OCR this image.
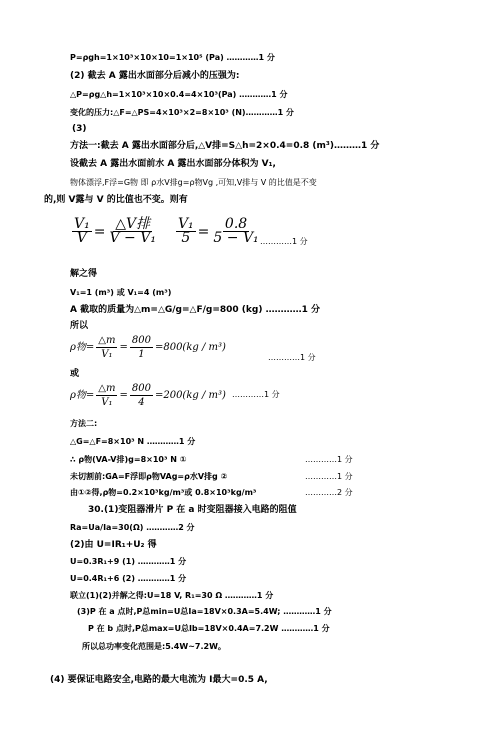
P=ρgh=1×10³×10×10=1×10⁵ (Pa) …………1 分
(2) 截去 A 露出水面部分后减小的压强为:
△P=ρg△h=1×10³×10×0.4=4×10³(Pa) …………1 分
变化的压力:△F=△PS=4×10³×2=8×10³ (N)…………1 分
(3)
方法一:截去 A 露出水面部分后,△V排=S△h=2×0.4=0.8 (m³)………1 分
设截去 A 露出水面前水 A 露出水面部分体积为 V₁,
物体漂浮,F浮=G物 即 ρ水V排g=ρ物Vg ,可知,V排与 V 的比值是不变
的,则 V露与 V 的比值也不变。则有
$\frac{\text{V₁}}{V} = \frac{\text{△V排}}{\text{V − V₁}} \frac{\text{V₁}}{5} = \frac{0.8}{\text{5 − V₁}}$ …………1 分
解之得
V₁=1 (m³) 或 V₁=4 (m³)
A 截取的质量为△m=△G/g=△F/g=800 (kg) …………1 分
所以
ρ物 = $\frac{\triangle m}{\text{V₁}} = \frac{800}{1} = 800(kg / m^3)$
…………1 分
或
ρ物 = $\frac{\triangle m}{\text{V₁}} = \frac{800}{4} = 200(kg / m^3)$ …………1 分
方法二:
△G=△F=8×10³ N …………1 分
∴ ρ物(VA-V排)g=8×10³ N ①	…………1 分
未切割前:GA=F浮即ρ物VAg=ρ水V排g ②	…………1 分
由①②得,ρ物=0.2×10³kg/m³或 0.8×10³kg/m³	…………2 分
30.(1)变阻器滑片 P 在 a 时变阻器接入电路的阻值
Ra=Ua/Ia=30(Ω) …………2 分
(2)由 U=IR₁+U₂ 得
U=0.3R₁+9 (1) …………1 分
U=0.4R₁+6 (2) …………1 分
联立(1)(2)并解之得:U=18 V, R₁=30 Ω …………1 分
(3)P 在 a 点时,P总min=U总Ia=18V×0.3A=5.4W; …………1 分
P 在 b 点时,P总max=U总Ib=18V×0.4A=7.2W …………1 分
所以总功率变化范围是:5.4W~7.2W。
(4) 要保证电路安全,电路的最大电流为 I最大=0.5 A,
